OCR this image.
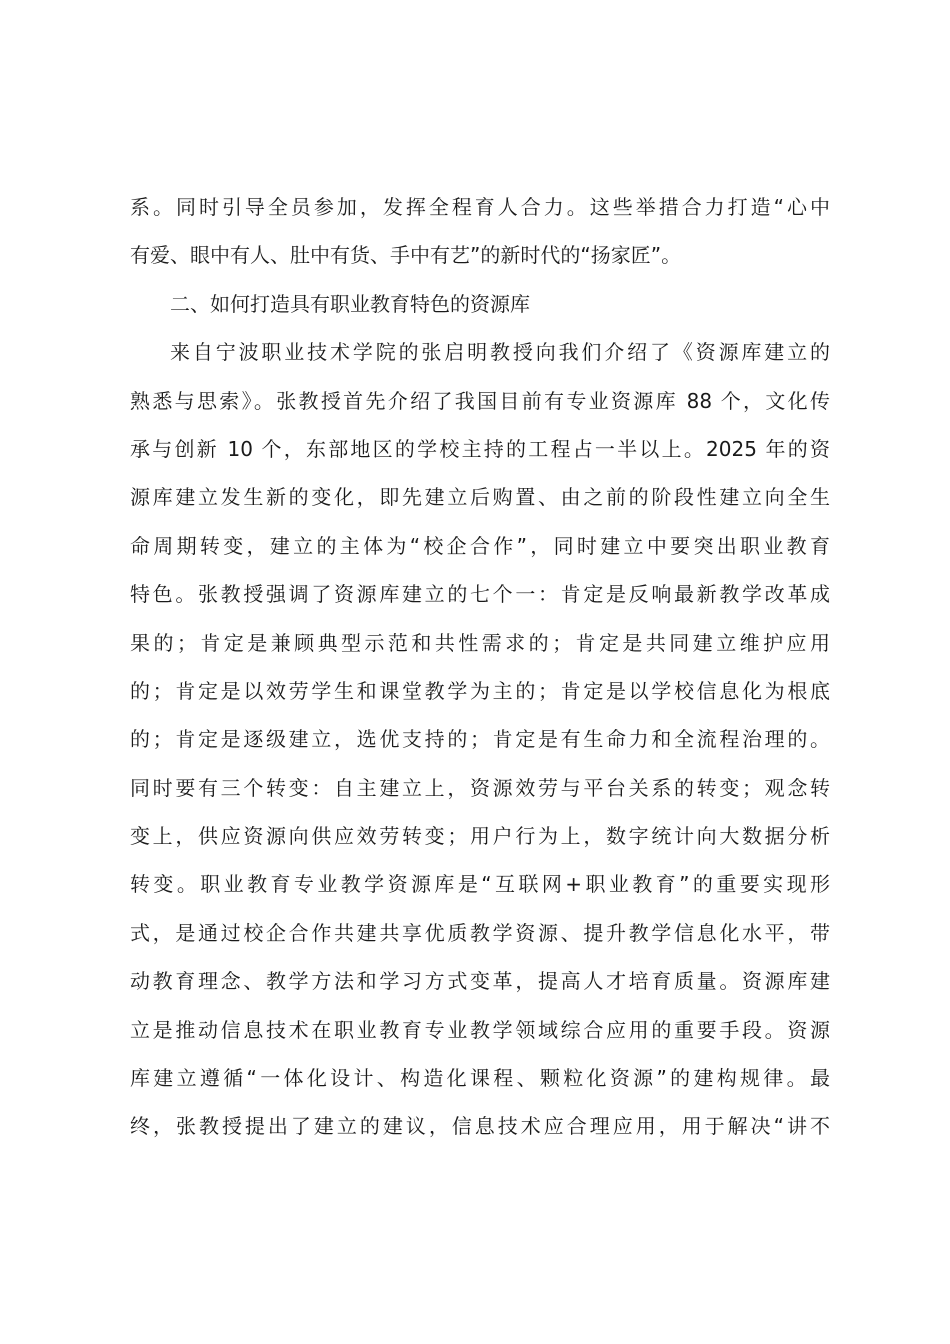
系。同时引导全员参加，发挥全程育人合力。这些举措合力打造“心中
有爱、眼中有人、肚中有货、手中有艺”的新时代的“扬家匠”。
二、如何打造具有职业教育特色的资源库
来自宁波职业技术学院的张启明教授向我们介绍了《资源库建立的
熟悉与思索》。张教授首先介绍了我国目前有专业资源库 88 个，文化传
承与创新 10 个，东部地区的学校主持的工程占一半以上。2025 年的资
源库建立发生新的变化，即先建立后购置、由之前的阶段性建立向全生
命周期转变，建立的主体为“校企合作”，同时建立中要突出职业教育
特色。张教授强调了资源库建立的七个一：肯定是反响最新教学改革成
果的；肯定是兼顾典型示范和共性需求的；肯定是共同建立维护应用
的；肯定是以效劳学生和课堂教学为主的；肯定是以学校信息化为根底
的；肯定是逐级建立，选优支持的；肯定是有生命力和全流程治理的。
同时要有三个转变：自主建立上，资源效劳与平台关系的转变；观念转
变上，供应资源向供应效劳转变；用户行为上，数字统计向大数据分析
转变。职业教育专业教学资源库是“互联网+职业教育”的重要实现形
式，是通过校企合作共建共享优质教学资源、提升教学信息化水平，带
动教育理念、教学方法和学习方式变革，提高人才培育质量。资源库建
立是推动信息技术在职业教育专业教学领域综合应用的重要手段。资源
库建立遵循“一体化设计、构造化课程、颗粒化资源”的建构规律。最
终，张教授提出了建立的建议，信息技术应合理应用，用于解决“讲不
